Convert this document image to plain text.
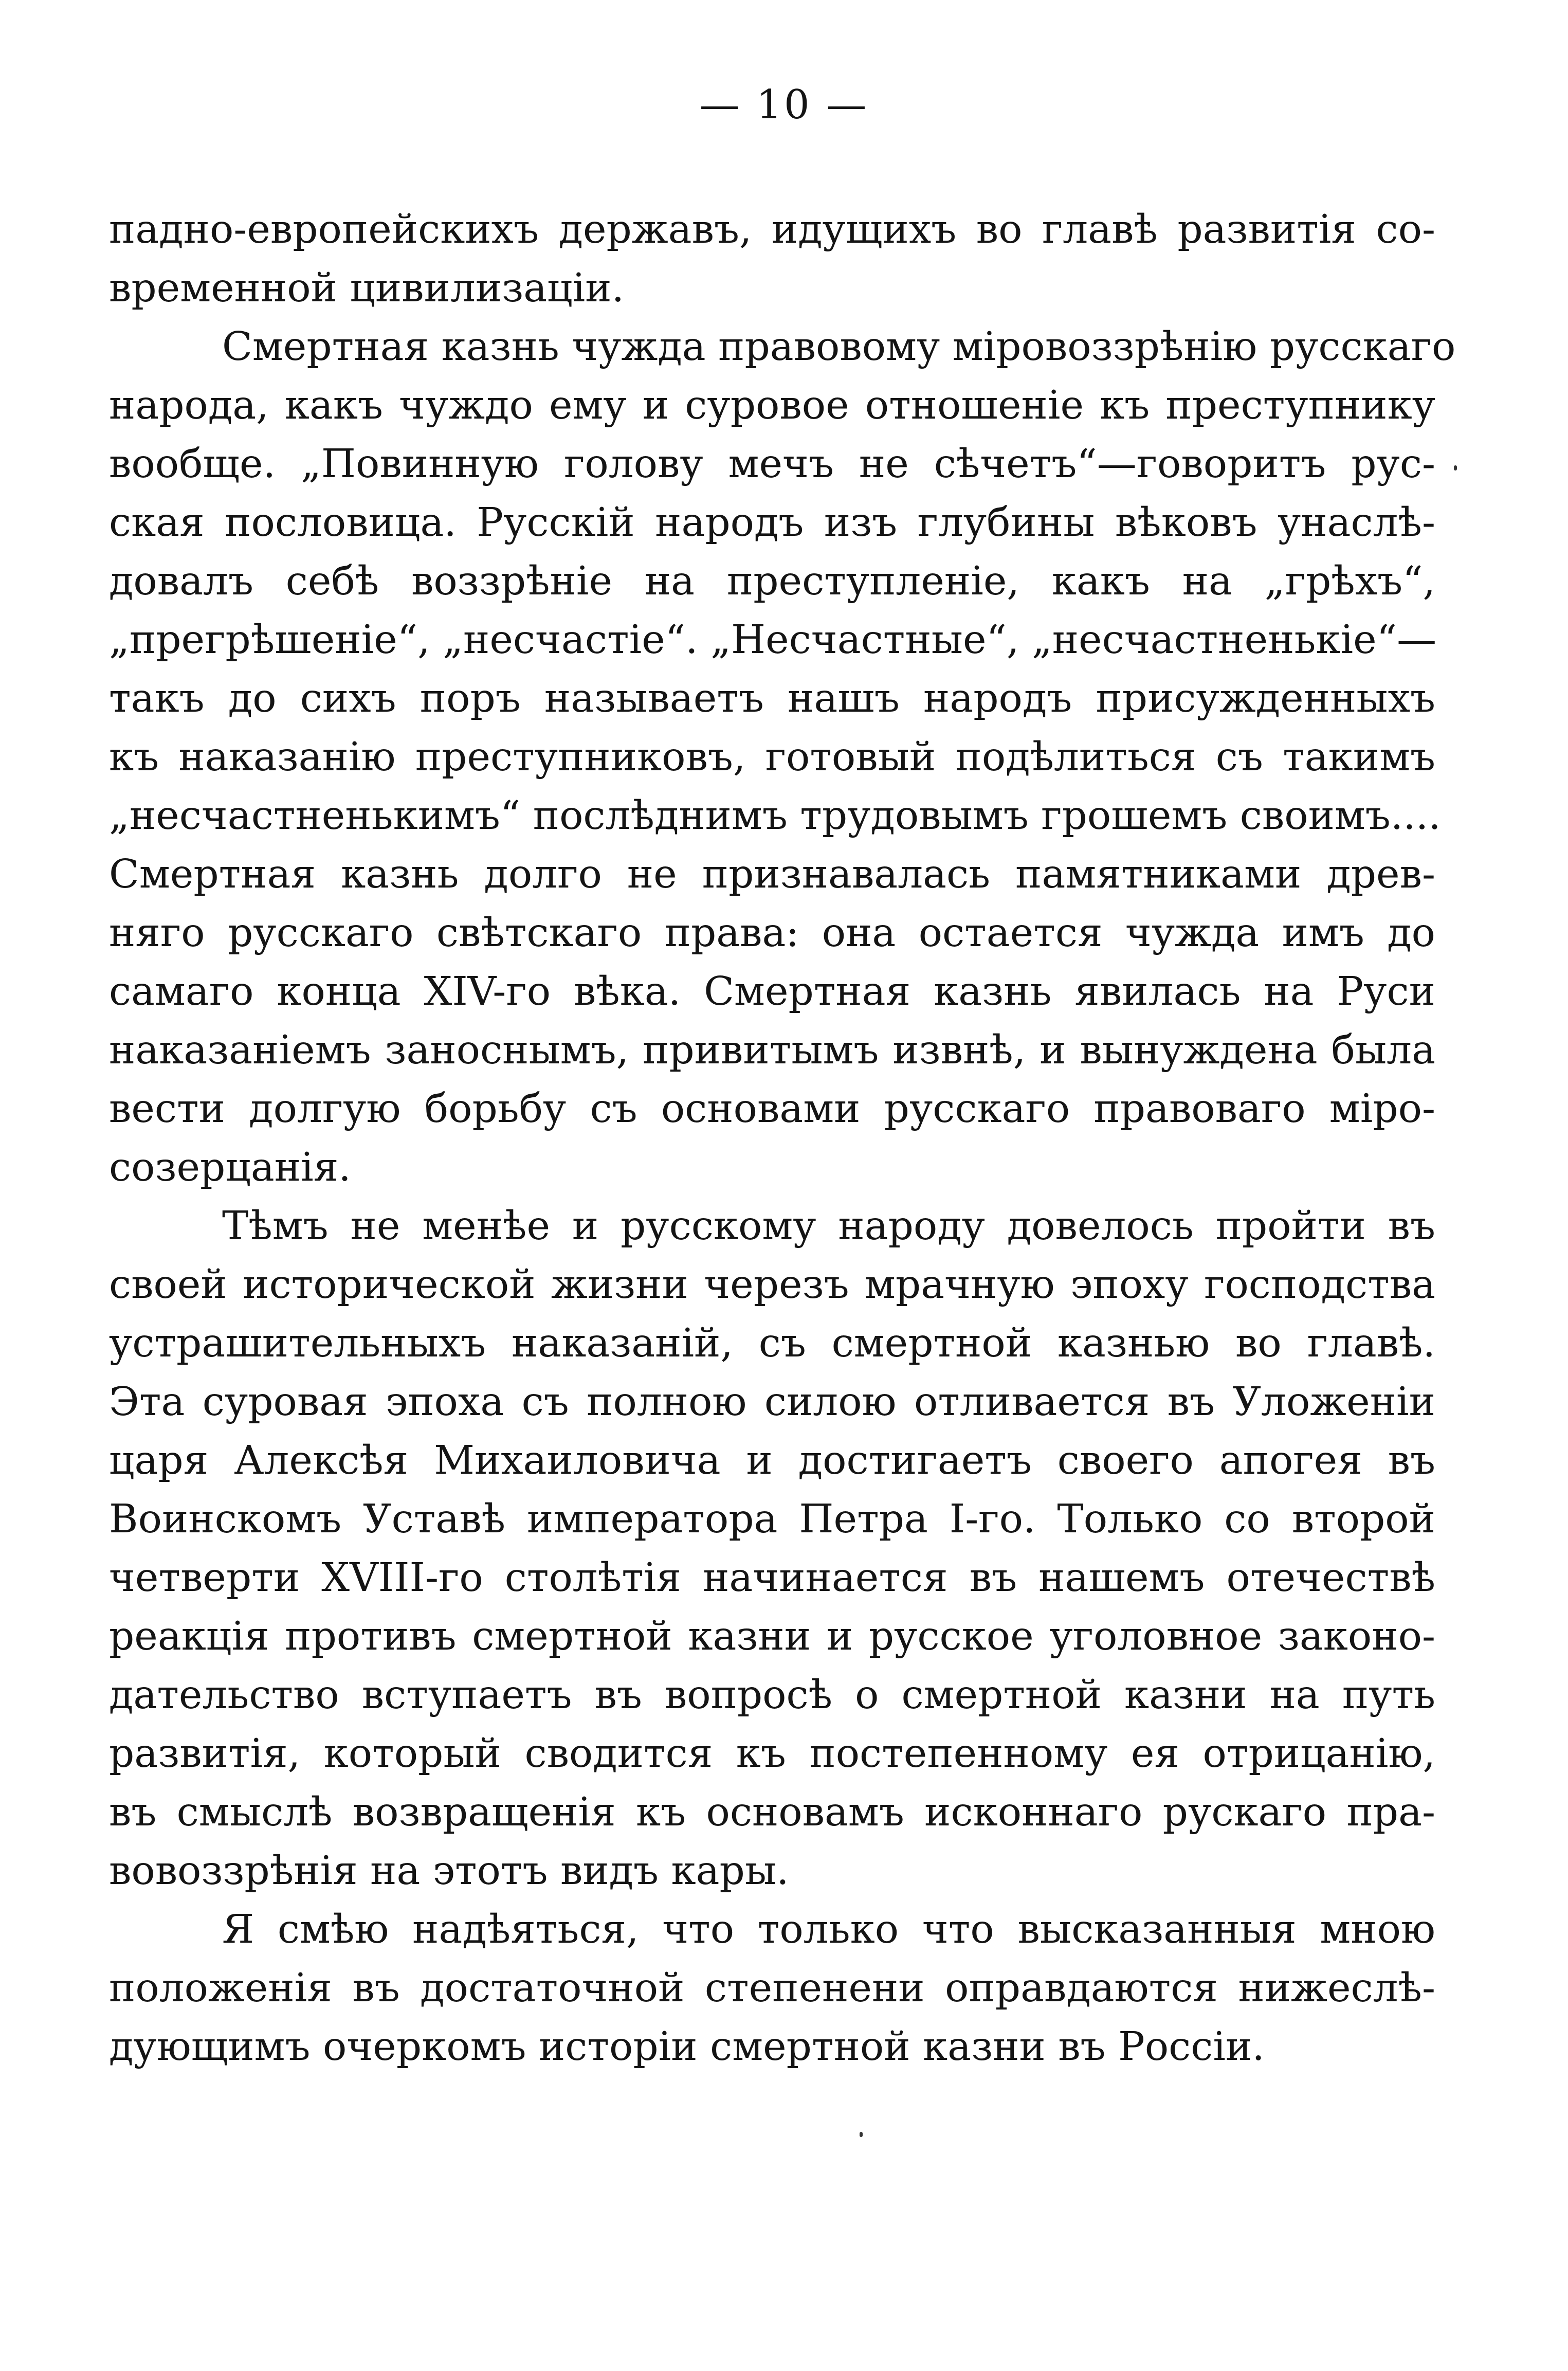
— 10 —
падно-европейскихъ державъ, идущихъ во главѣ развитія со-
временной цивилизаціи.
Смертная казнь чужда правовому міровоззрѣнію русскаго
народа, какъ чуждо ему и суровое отношеніе къ преступнику
вообще. „Повинную голову мечъ не сѣчетъ“—говоритъ рус-
ская пословица. Русскій народъ изъ глубины вѣковъ унаслѣ-
довалъ себѣ воззрѣніе на преступленіе, какъ на „грѣхъ“,
„прегрѣшеніе“, „несчастіе“. „Несчастные“, „несчастненькіе“—
такъ до сихъ поръ называетъ нашъ народъ присужденныхъ
къ наказанію преступниковъ, готовый подѣлиться съ такимъ
„несчастненькимъ“ послѣднимъ трудовымъ грошемъ своимъ....
Смертная казнь долго не признавалась памятниками древ-
няго русскаго свѣтскаго права: она остается чужда имъ до
самаго конца XIV-го вѣка. Смертная казнь явилась на Руси
наказаніемъ заноснымъ, привитымъ извнѣ, и вынуждена была
вести долгую борьбу съ основами русскаго правоваго міро-
созерцанія.
Тѣмъ не менѣе и русскому народу довелось пройти въ
своей исторической жизни черезъ мрачную эпоху господства
устрашительныхъ наказаній, съ смертной казнью во главѣ.
Эта суровая эпоха съ полною силою отливается въ Уложеніи
царя Алексѣя Михаиловича и достигаетъ своего апогея въ
Воинскомъ Уставѣ императора Петра I-го. Только со второй
четверти XVIII-го столѣтія начинается въ нашемъ отечествѣ
реакція противъ смертной казни и русское уголовное законо-
дательство вступаетъ въ вопросѣ о смертной казни на путь
развитія, который сводится къ постепенному ея отрицанію,
въ смыслѣ возвращенія къ основамъ исконнаго рускаго пра-
вовоззрѣнія на этотъ видъ кары.
Я смѣю надѣяться, что только что высказанныя мною
положенія въ достаточной степенени оправдаются нижеслѣ-
дующимъ очеркомъ исторіи смертной казни въ Россіи.
